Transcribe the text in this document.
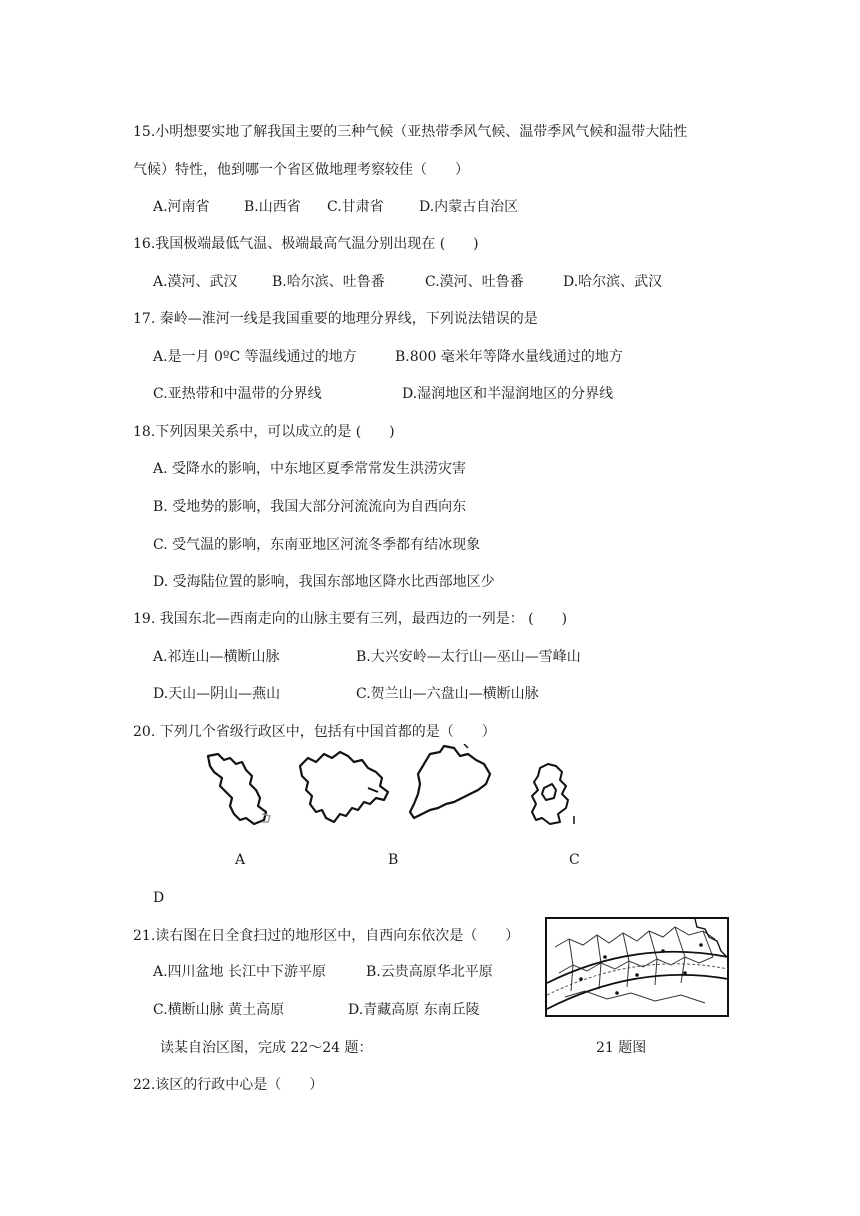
15.小明想要实地了解我国主要的三种气候（亚热带季风气候、温带季风气候和温带大陆性
气候）特性，他到哪一个省区做地理考察较佳（　　）
A.河南省 B.山西省 C.甘肃省	D.内蒙古自治区
16.我国极端最低气温、极端最高气温分别出现在 (　　)
A.漠河、武汉 B.哈尔滨、吐鲁番	C.漠河、吐鲁番	D.哈尔滨、武汉
17. 秦岭—淮河一线是我国重要的地理分界线，下列说法错误的是
A.是一月 0ºC 等温线通过的地方	B.800 毫米年等降水量线通过的地方
C.亚热带和中温带的分界线	D.湿润地区和半湿润地区的分界线
18.下列因果关系中，可以成立的是 (　　)
A. 受降水的影响，中东地区夏季常常发生洪涝灾害
B. 受地势的影响，我国大部分河流流向为自西向东
C. 受气温的影响，东南亚地区河流冬季都有结冰现象
D. 受海陆位置的影响，我国东部地区降水比西部地区少
19. 我国东北—西南走向的山脉主要有三列，最西边的一列是： (　　)
A.祁连山—横断山脉	B.大兴安岭—太行山—巫山—雪峰山
D.天山—阴山—燕山	C.贺兰山—六盘山—横断山脉
20. 下列几个省级行政区中，包括有中国首都的是（　　）
A	B	C
D
21.读右图在日全食扫过的地形区中，自西向东依次是（　　）
A.四川盆地 长江中下游平原	B.云贵高原华北平原
C.横断山脉 黄土高原	D.青藏高原 东南丘陵
21 题图
读某自治区图，完成 22～24 题：
22.该区的行政中心是（　　）
